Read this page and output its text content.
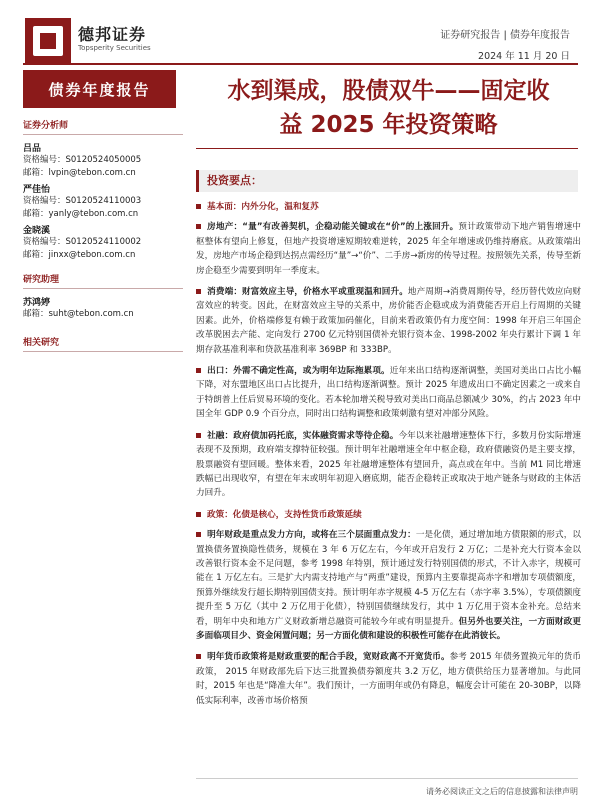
德邦证券
Topsperity Securities
证券研究报告 | 债券年度报告
2024 年 11 月 20 日
债券年度报告
证券分析师
吕品
资格编号：S0120524050005
邮箱：lvpin@tebon.com.cn
严佳怡
资格编号：S0120524110003
邮箱：yanly@tebon.com.cn
金晓溪
资格编号：S0120524110002
邮箱：jinxx@tebon.com.cn
研究助理
苏鸿婷
邮箱：suht@tebon.com.cn
相关研究
水到渠成，股债双牛——固定收
益 2025 年投资策略
投资要点：
基本面：内外分化，温和复苏
房地产：“量”有改善契机，企稳动能关键或在“价”的上涨回升。预计政策带动下地产销售增速中枢整体有望向上修复，但地产投资增速短期较难逆转，2025 年全年增速或仍维持磨底。从政策端出发，房地产市场企稳到达拐点需经历“量”→“价”、二手房→新房的传导过程。按照领先关系，传导至新房企稳至少需要到明年一季度末。
消费端：财富效应主导，价格水平或重现温和回升。地产周期→消费周期传导，经历替代效应向财富效应的转变。因此，在财富效应主导的关系中，房价能否企稳或成为消费能否开启上行周期的关键因素。此外，价格端修复有赖于政策加码催化，目前来看政策仍有力度空间：1998 年开启三年国企改革脱困去产能、定向发行 2700 亿元特别国债补充银行资本金、1998-2002 年央行累计下调 1 年期存款基准利率和贷款基准利率 369BP 和 333BP。
出口：外需不确定性高，或为明年边际拖累项。近年来出口结构逐渐调整，美国对美出口占比小幅下降，对东盟地区出口占比提升，出口结构逐渐调整。预计 2025 年遗成出口不确定因素之一或来自于特朗普上任后贸易环境的变化。若本轮加增关税导致对美出口商品总额减少 30%，约占 2023 年中国全年 GDP 0.9 个百分点，同时出口结构调整和政策刺激有望对冲部分风险。
社融：政府债加码托底，实体融资需求等待企稳。今年以来社融增速整体下行，多数月份实际增速表现不及预期，政府端支撑特征较强。预计明年社融增速全年中枢企稳，政府债融资仍是主要支撑，股票融资有望回暖。整体来看，2025 年社融增速整体有望回升，高点或在年中。当前 M1 同比增速跌幅已出现收窄，有望在年末或明年初迎入磨底期，能否企稳转正或取决于地产链条与财政的主体活力回升。
政策：化债是核心，支持性货币政策延续
明年财政是重点发力方向，或将在三个层面重点发力：一是化债，通过增加地方债限额的形式，以置换债务置换隐性债务，规模在 3 年 6 万亿左右，今年或开启发行 2 万亿；二是补充大行资本金以改善银行资本金不足问题，参考 1998 年特别，预计通过发行特别国债的形式，不计入赤字，规模可能在 1 万亿左右。三是扩大内需支持地产与“两重”建设，预算内主要靠提高赤字和增加专项债额度，预算外继续发行超长期特别国债支持。预计明年赤字规模 4-5 万亿左右（赤字率 3.5%），专项债额度提升至 5 万亿（其中 2 万亿用于化债），特别国债继续发行，其中 1 万亿用于资本金补充。总结来看，明年中央和地方广义财政新增总融资可能较今年或有明显提升。但另外也要关注，一方面财政更多面临项目少、资金闲置问题；另一方面化债和建设的积极性可能存在此消彼长。
明年货币政策将是财政重要的配合手段，宽财政离不开宽货币。参考 2015 年债务置换元年的货币政策， 2015 年财政部先后下达三批置换债券额度共 3.2 万亿，地方债供给压力显著增加。与此同时，2015 年也是“降准大年”。我们预计，一方面明年或仍有降息，幅度会计可能在 20-30BP，以降低实际利率，改善市场价格预
请务必阅读正文之后的信息披露和法律声明
